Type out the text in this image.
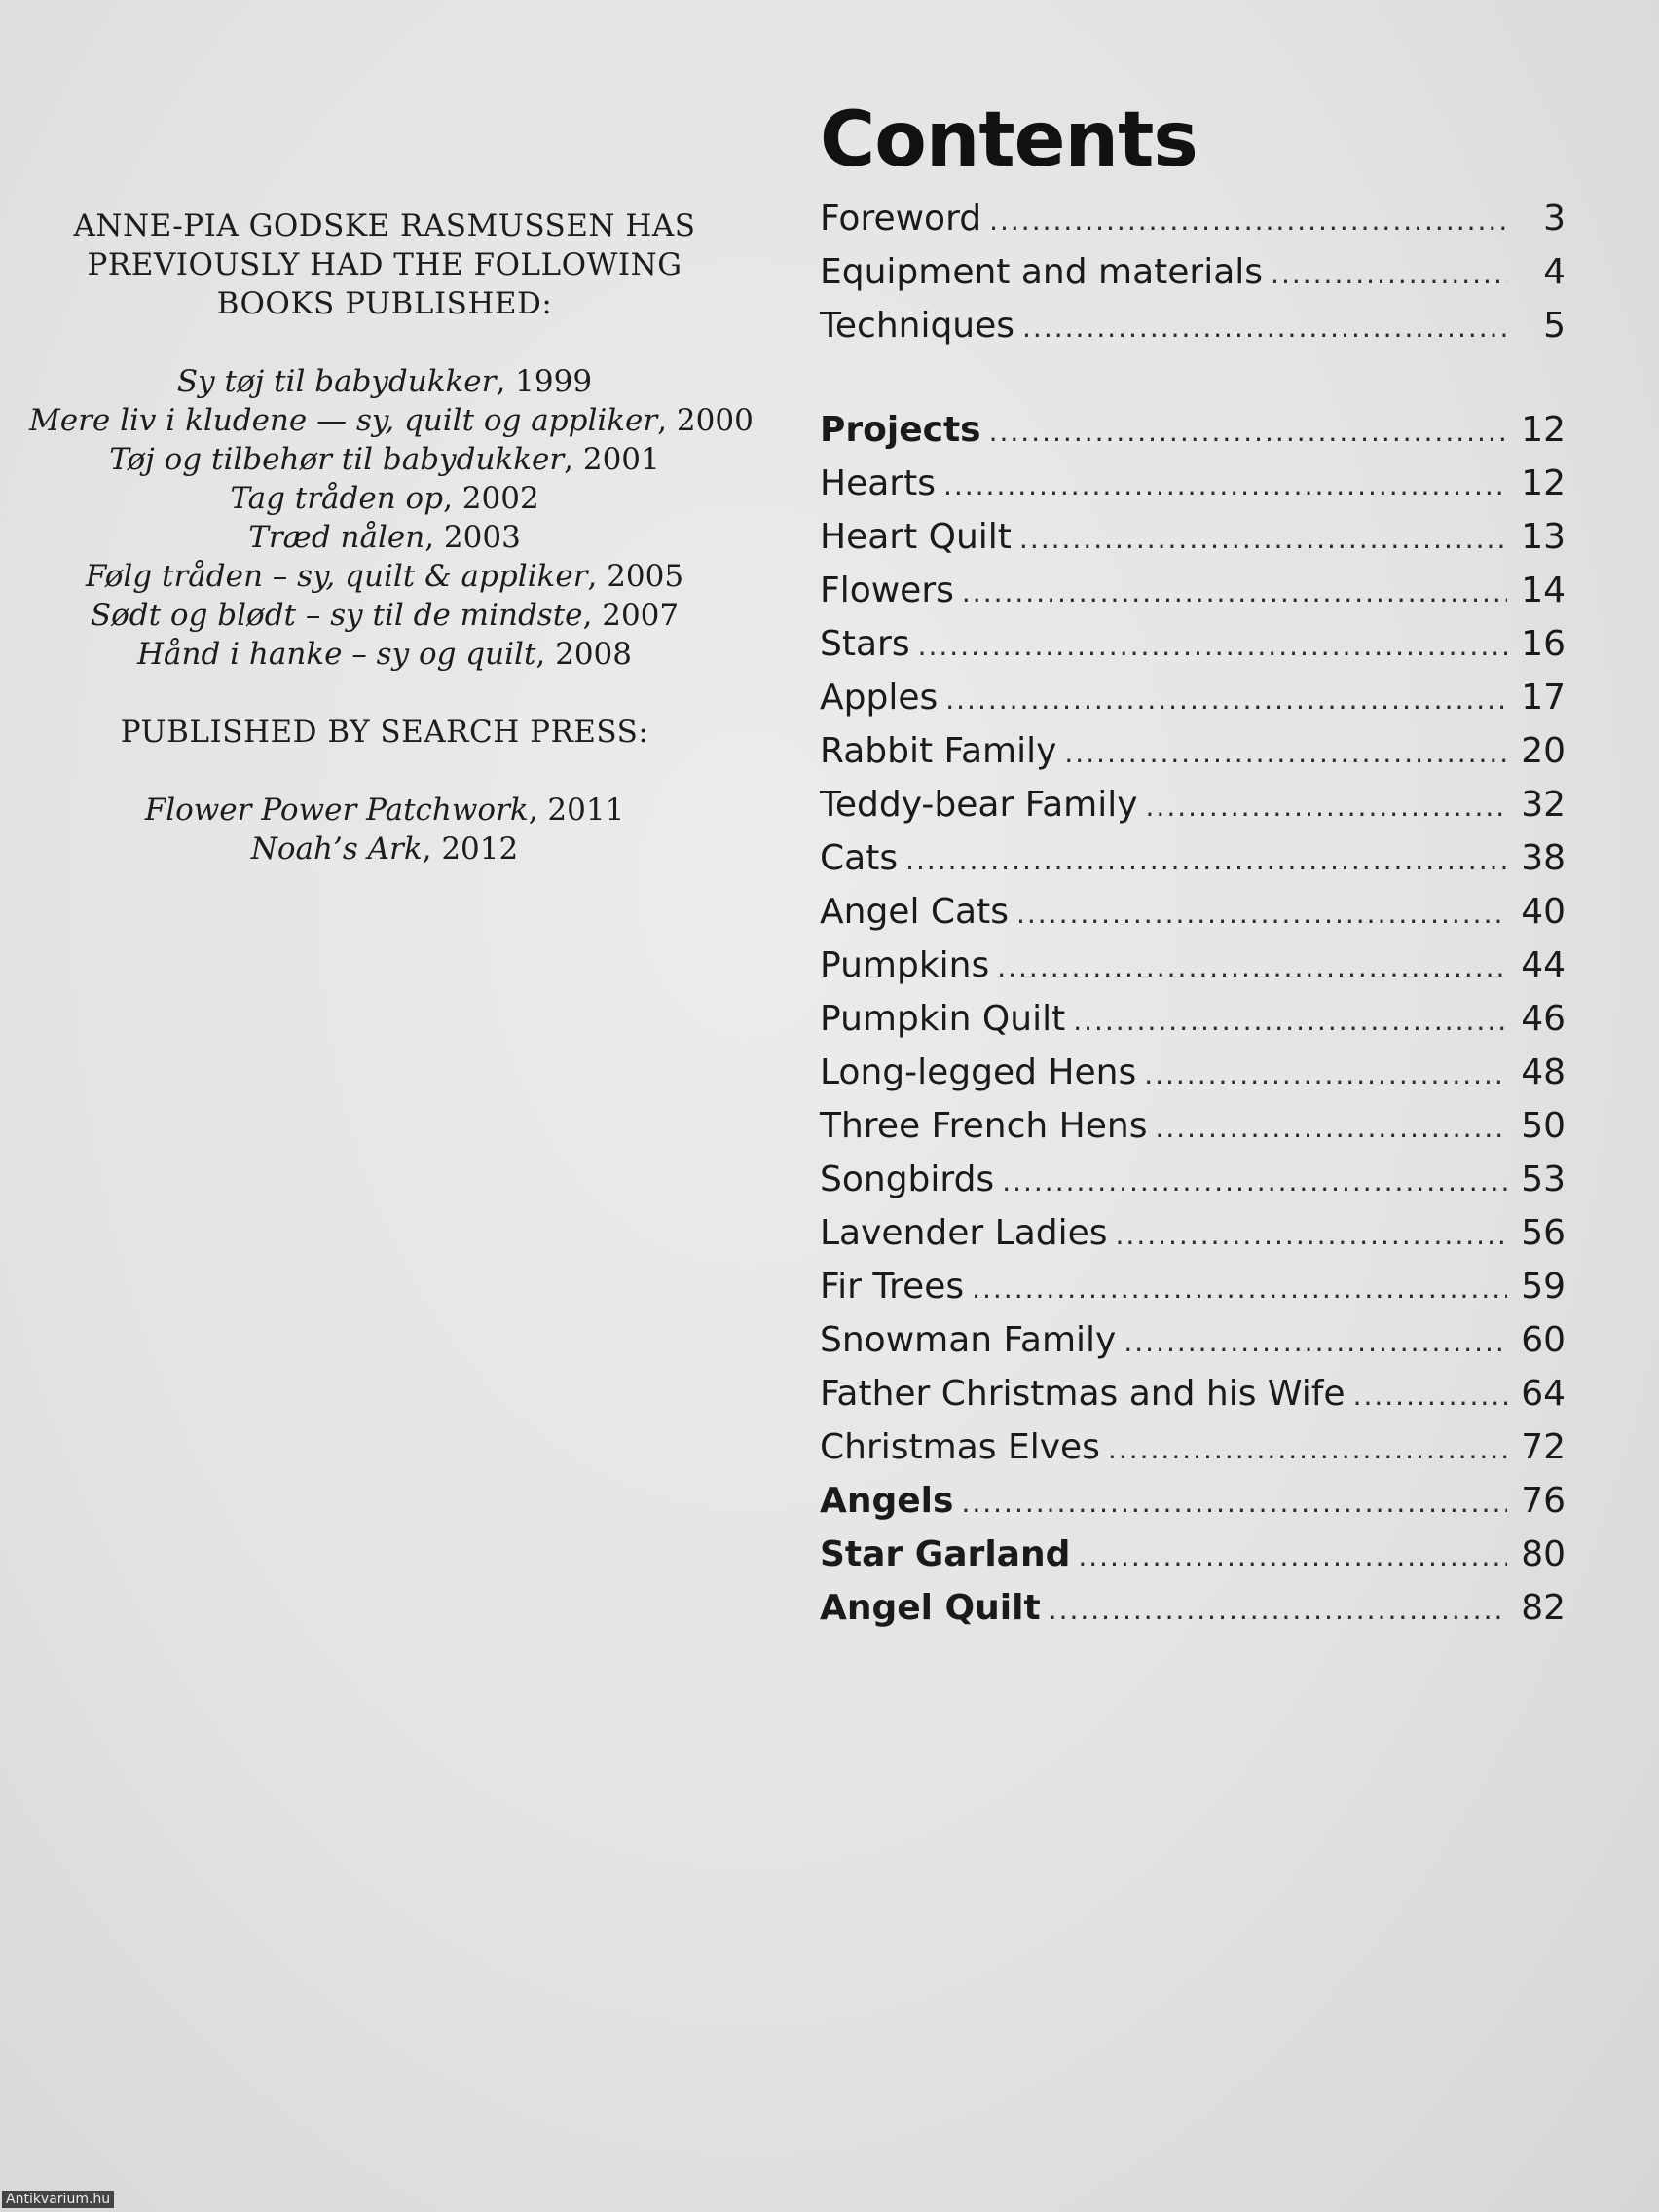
ANNE-PIA GODSKE RASMUSSEN HAS
PREVIOUSLY HAD THE FOLLOWING
BOOKS PUBLISHED:
Sy tøj til babydukker, 1999
Mere liv i kludene — sy, quilt og appliker, 2000
Tøj og tilbehør til babydukker, 2001
Tag tråden op, 2002
Træd nålen, 2003
Følg tråden – sy, quilt & appliker, 2005
Sødt og blødt – sy til de mindste, 2007
Hånd i hanke – sy og quilt, 2008
PUBLISHED BY SEARCH PRESS:
Flower Power Patchwork, 2011
Noah’s Ark, 2012
Contents
Foreword .....	3
Equipment and materials .....	4
Techniques .....	5
Projects .....	12
Hearts .....	12
Heart Quilt .....	13
Flowers .....	14
Stars .....	16
Apples .....	17
Rabbit Family .....	20
Teddy-bear Family .....	32
Cats .....	38
Angel Cats .....	40
Pumpkins .....	44
Pumpkin Quilt .....	46
Long-legged Hens .....	48
Three French Hens .....	50
Songbirds .....	53
Lavender Ladies .....	56
Fir Trees .....	59
Snowman Family .....	60
Father Christmas and his Wife .....	64
Christmas Elves .....	72
Angels .....	76
Star Garland .....	80
Angel Quilt .....	82
Antikvarium.hu
